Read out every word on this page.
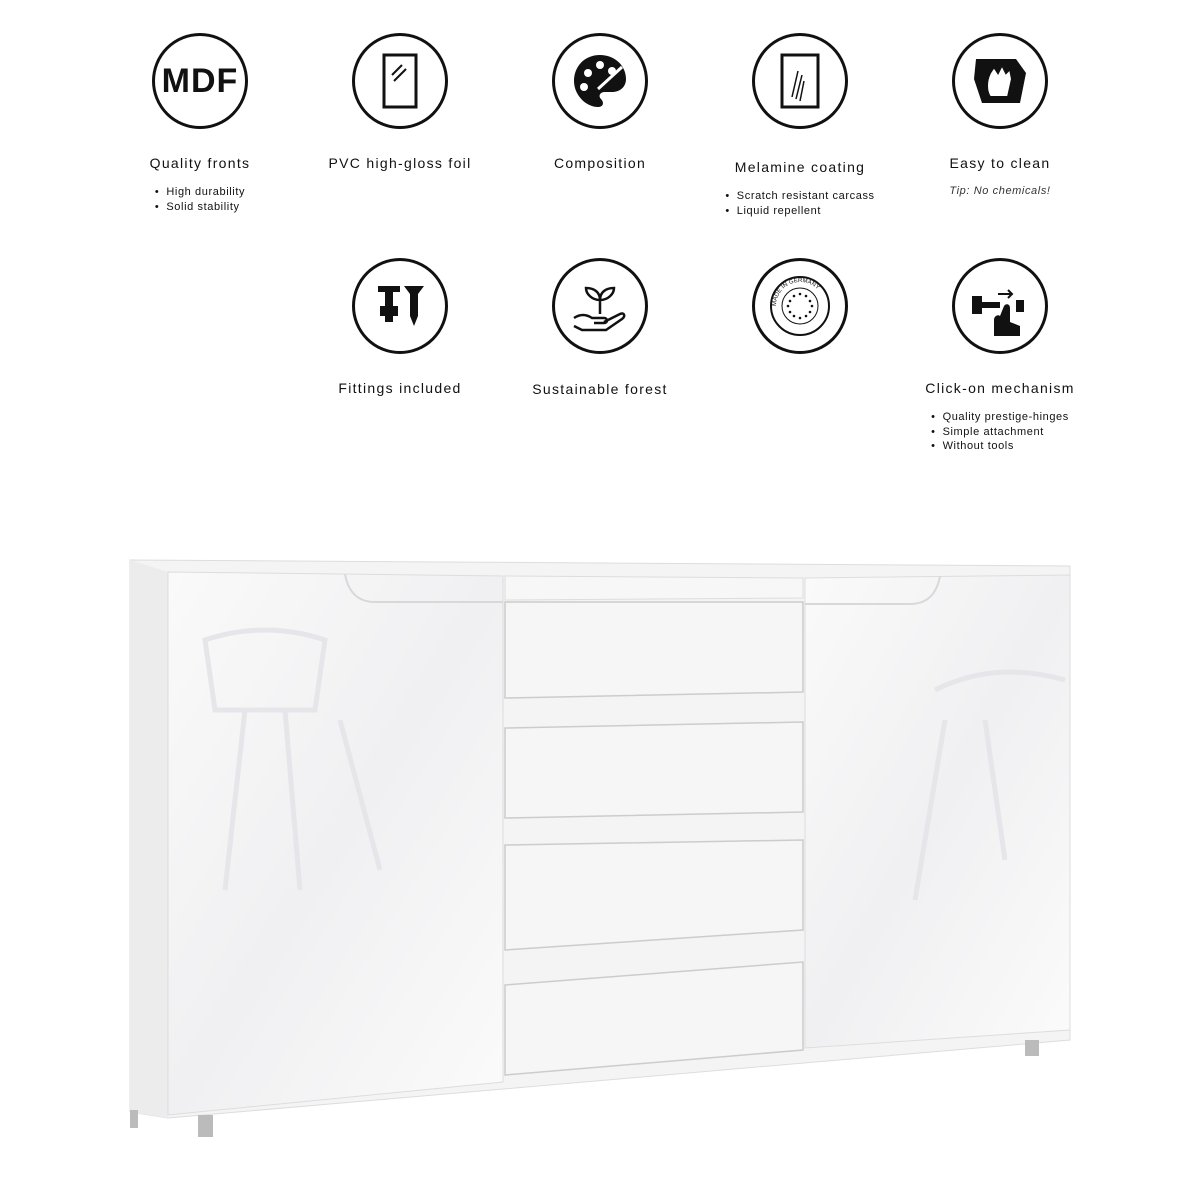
MDF
Quality fronts
• High durability
• Solid stability
PVC high-gloss foil	Composition	Melamine coating
• Scratch resistant carcass
• Liquid repellent
Easy to clean
Tip: No chemicals!
Fittings included	Sustainable forest
MADE IN GERMANY
Click-on mechanism
• Quality prestige-hinges
• Simple attachment
• Without tools
